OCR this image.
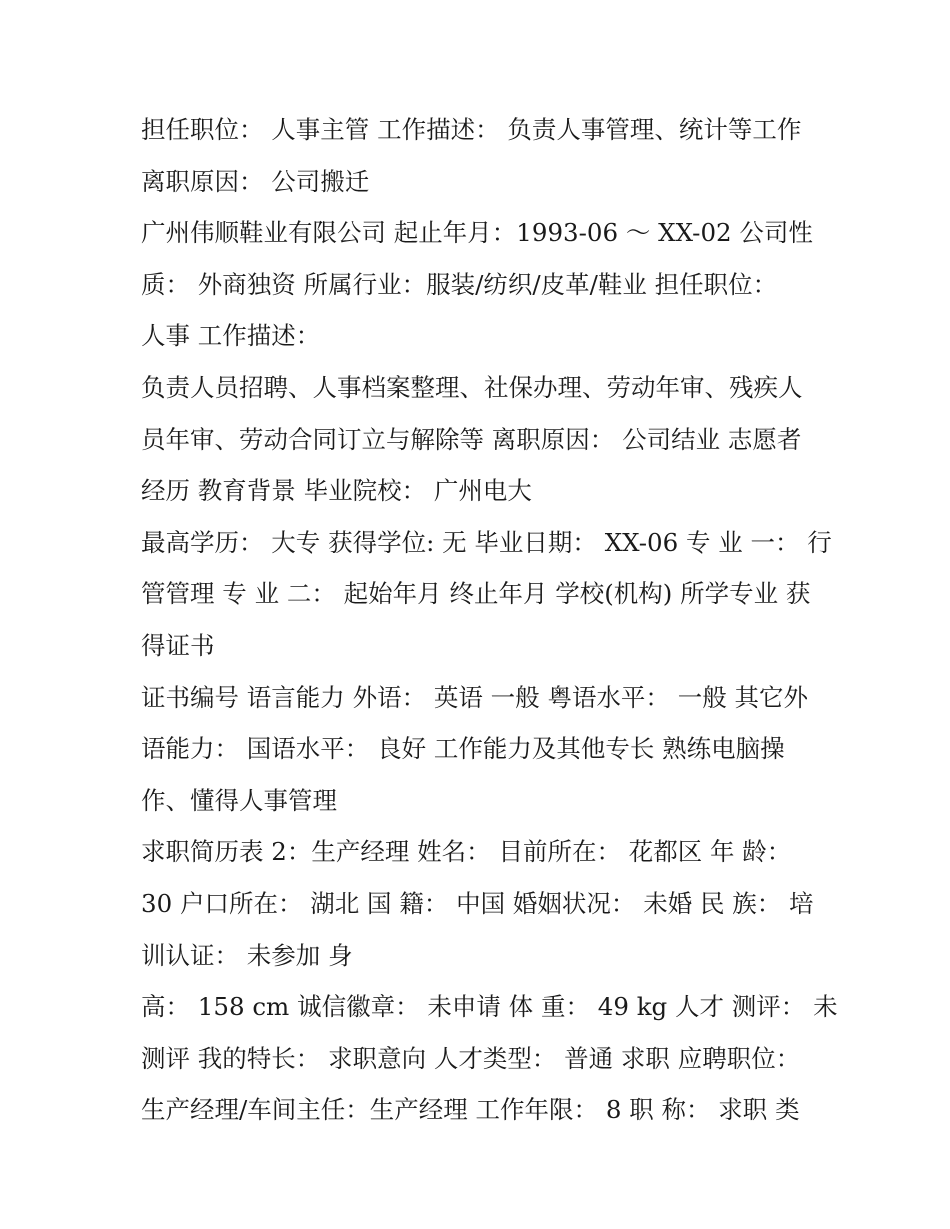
担任职位： 人事主管 工作描述： 负责人事管理、统计等工作
离职原因： 公司搬迁
广州伟顺鞋业有限公司 起止年月：1993-06 ～ XX-02 公司性
质： 外商独资 所属行业：服装/纺织/皮革/鞋业 担任职位：
人事 工作描述：
负责人员招聘、人事档案整理、社保办理、劳动年审、残疾人
员年审、劳动合同订立与解除等 离职原因： 公司结业 志愿者
经历 教育背景 毕业院校： 广州电大
最高学历： 大专 获得学位: 无 毕业日期： XX-06 专 业 一： 行
管管理 专 业 二： 起始年月 终止年月 学校(机构) 所学专业 获
得证书
证书编号 语言能力 外语： 英语 一般 粤语水平： 一般 其它外
语能力： 国语水平： 良好 工作能力及其他专长 熟练电脑操
作、懂得人事管理
求职简历表 2：生产经理 姓名： 目前所在： 花都区 年 龄：
30 户口所在： 湖北 国 籍： 中国 婚姻状况： 未婚 民 族： 培
训认证： 未参加 身
高： 158 cm 诚信徽章： 未申请 体 重： 49 kg 人才 测评： 未
测评 我的特长： 求职意向 人才类型： 普通 求职 应聘职位：
生产经理/车间主任：生产经理 工作年限： 8 职 称： 求职 类
